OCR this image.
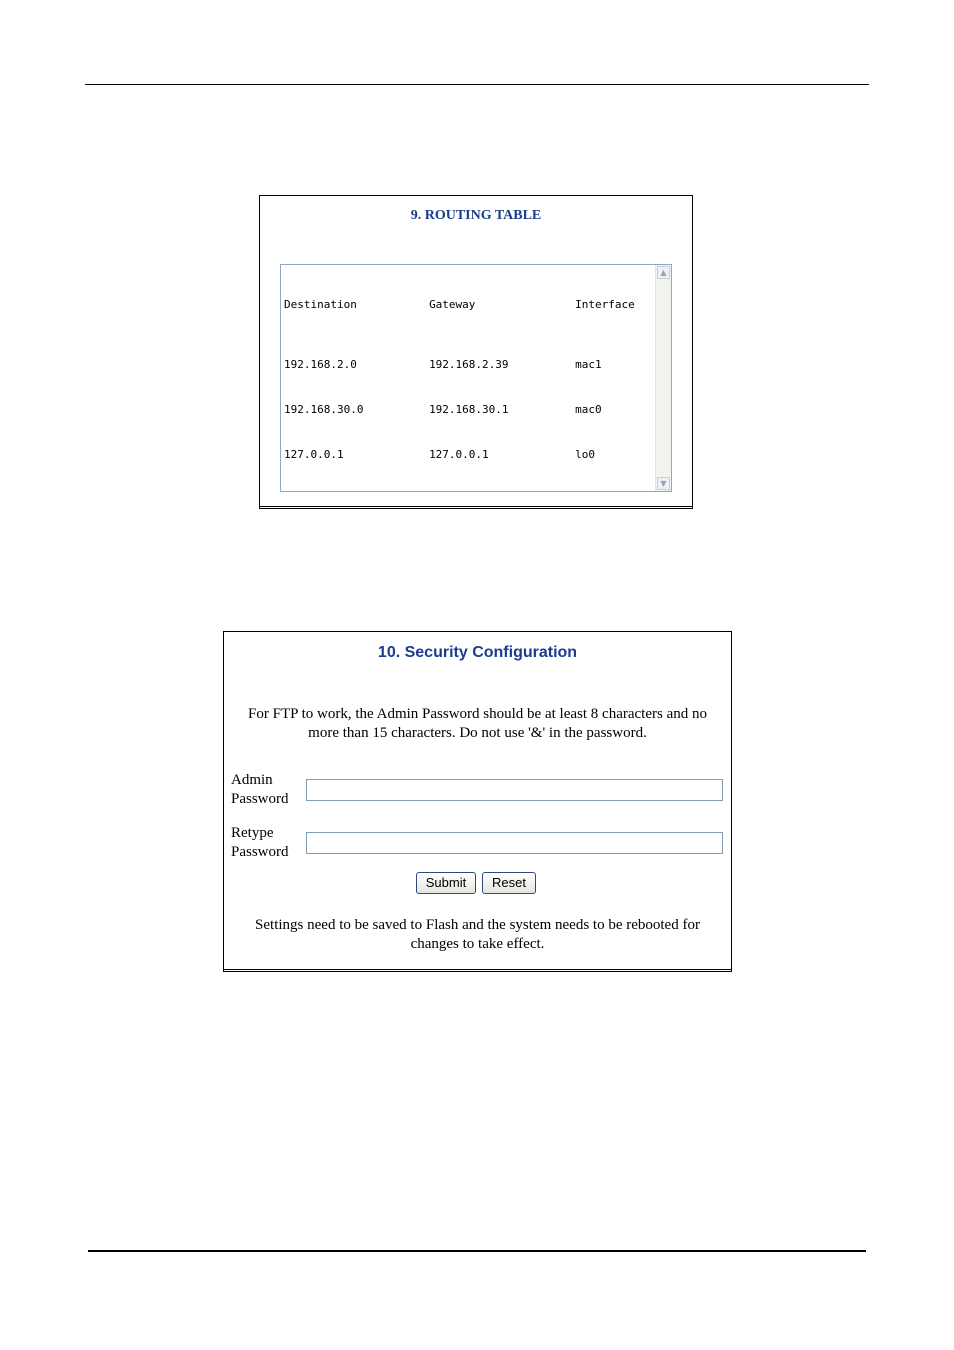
9. ROUTING TABLE

Destination	Gateway	Interface

192.168.2.0	192.168.2.39	mac1

192.168.30.0	192.168.30.1	mac0

127.0.0.1	127.0.0.1	lo0

▲
▼
10. Security Configuration
For FTP to work, the Admin Password should be at least 8 characters and no more than 15 characters. Do not use '&' in the password.
Admin
Password
Retype
Password
Submit	Reset
Settings need to be saved to Flash and the system needs to be rebooted for changes to take effect.
